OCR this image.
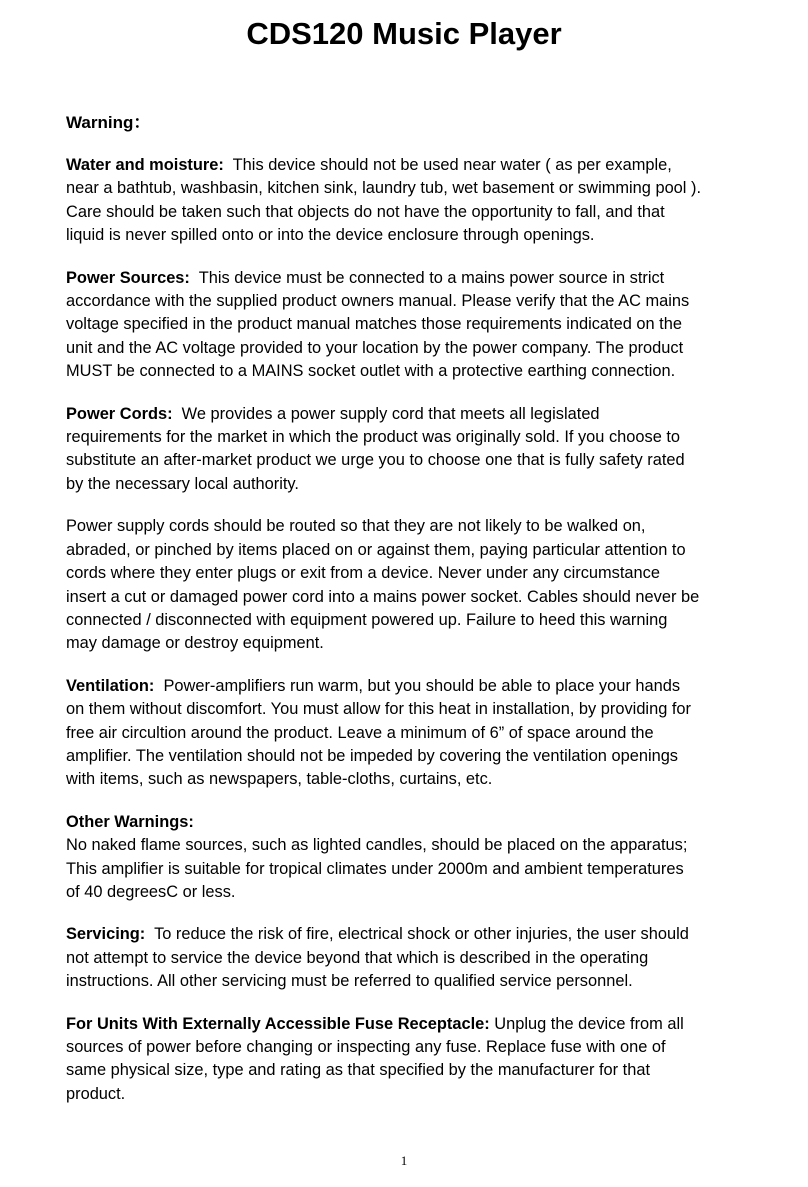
CDS120 Music Player
Warning：

Water and moisture: This device should not be used near water ( as per example,
near a bathtub, washbasin, kitchen sink, laundry tub, wet basement or swimming pool ).
Care should be taken such that objects do not have the opportunity to fall, and that
liquid is never spilled onto or into the device enclosure through openings.

Power Sources: This device must be connected to a mains power source in strict
accordance with the supplied product owners manual. Please verify that the AC mains
voltage specified in the product manual matches those requirements indicated on the
unit and the AC voltage provided to your location by the power company. The product
MUST be connected to a MAINS socket outlet with a protective earthing connection.

Power Cords: We provides a power supply cord that meets all legislated
requirements for the market in which the product was originally sold. If you choose to
substitute an after-market product we urge you to choose one that is fully safety rated
by the necessary local authority.

Power supply cords should be routed so that they are not likely to be walked on,
abraded, or pinched by items placed on or against them, paying particular attention to
cords where they enter plugs or exit from a device. Never under any circumstance
insert a cut or damaged power cord into a mains power socket. Cables should never be
connected / disconnected with equipment powered up. Failure to heed this warning
may damage or destroy equipment.

Ventilation: Power-amplifiers run warm, but you should be able to place your hands
on them without discomfort. You must allow for this heat in installation, by providing for
free air circultion around the product. Leave a minimum of 6” of space around the
amplifier. The ventilation should not be impeded by covering the ventilation openings
with items, such as newspapers, table-cloths, curtains, etc.

Other Warnings:
No naked flame sources, such as lighted candles, should be placed on the apparatus;
This amplifier is suitable for tropical climates under 2000m and ambient temperatures
of 40 degreesC or less.

Servicing: To reduce the risk of fire, electrical shock or other injuries, the user should
not attempt to service the device beyond that which is described in the operating
instructions. All other servicing must be referred to qualified service personnel.

For Units With Externally Accessible Fuse Receptacle: Unplug the device from all
sources of power before changing or inspecting any fuse. Replace fuse with one of
same physical size, type and rating as that specified by the manufacturer for that
product.

1
